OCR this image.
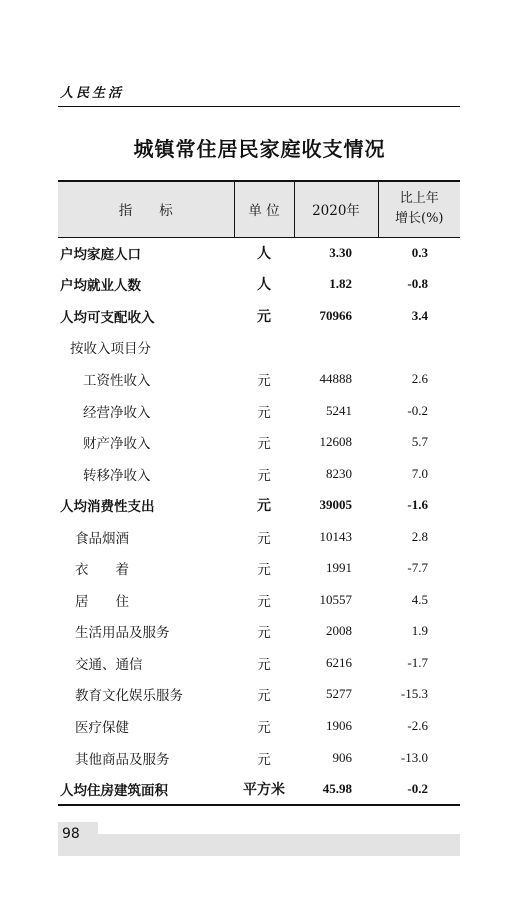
人民生活
城镇常住居民家庭收支情况
指　　标	单 位	2020年	比上年
增长(%)

户均家庭人口	人	3.30	0.3
户均就业人数	人	1.82	-0.8
人均可支配收入	元	70966	3.4
按收入项目分			
工资性收入	元	44888	2.6
经营净收入	元	5241	-0.2
财产净收入	元	12608	5.7
转移净收入	元	8230	7.0
人均消费性支出	元	39005	-1.6
食品烟酒	元	10143	2.8
衣　　着	元	1991	-7.7
居　　住	元	10557	4.5
生活用品及服务	元	2008	1.9
交通、通信	元	6216	-1.7
教育文化娱乐服务	元	5277	-15.3
医疗保健	元	1906	-2.6
其他商品及服务	元	906	-13.0
人均住房建筑面积	平方米	45.98	-0.2
98
